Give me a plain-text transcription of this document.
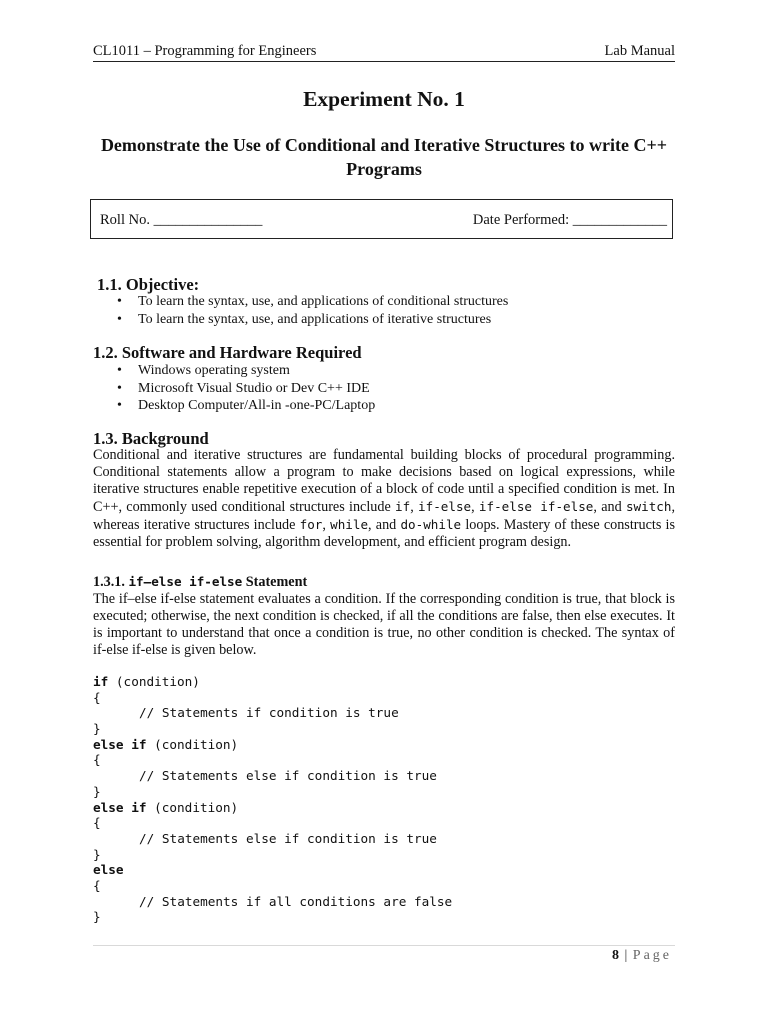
CL1011 – Programming for Engineers	Lab Manual
Experiment No. 1
Demonstrate the Use of Conditional and Iterative Structures to write C++ Programs
Roll No. _______________	Date Performed: _____________
1.1. Objective:
• To learn the syntax, use, and applications of conditional structures
• To learn the syntax, use, and applications of iterative structures
1.2. Software and Hardware Required
• Windows operating system
• Microsoft Visual Studio or Dev C++ IDE
• Desktop Computer/All-in -one-PC/Laptop
1.3. Background
Conditional and iterative structures are fundamental building blocks of procedural programming. Conditional statements allow a program to make decisions based on logical expressions, while iterative structures enable repetitive execution of a block of code until a specified condition is met. In C++, commonly used conditional structures include if, if-else, if-else if-else, and switch, whereas iterative structures include for, while, and do-while loops. Mastery of these constructs is essential for problem solving, algorithm development, and efficient program design.
1.3.1. if–else if-else Statement
The if–else if-else statement evaluates a condition. If the corresponding condition is true, that block is executed; otherwise, the next condition is checked, if all the conditions are false, then else executes. It is important to understand that once a condition is true, no other condition is checked. The syntax of if-else if-else is given below.
if (condition)
{
// Statements if condition is true
}
else if (condition)
{
// Statements else if condition is true
}
else if (condition)
{
// Statements else if condition is true
}
else
{
// Statements if all conditions are false
}
8 | Page
